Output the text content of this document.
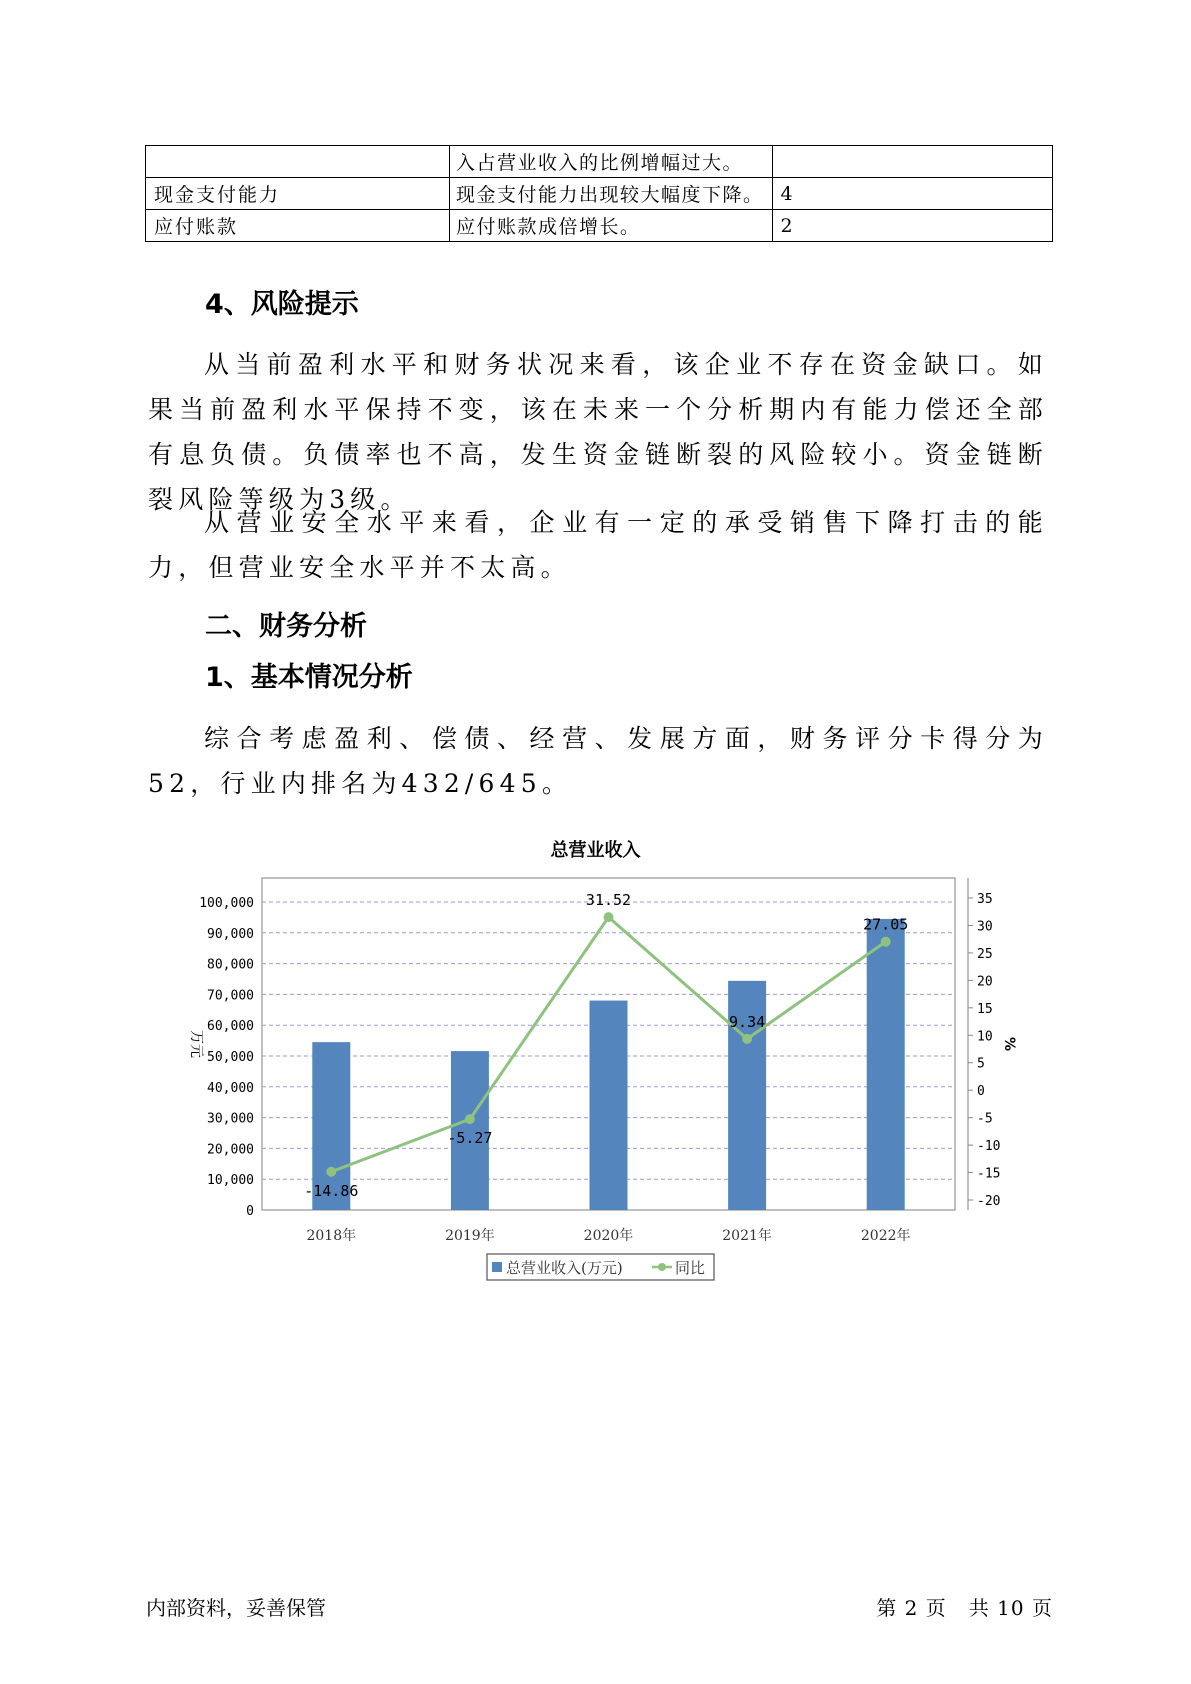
	入占营业收入的比例增幅过大。	
现金支付能力	现金支付能力出现较大幅度下降。	4
应付账款	应付账款成倍增长。	2
4、风险提示

从当前盈利水平和财务状况来看，该企业不存在资金缺口。如果当前盈利水平保持不变，该在未来一个分析期内有能力偿还全部有息负债。负债率也不高，发生资金链断裂的风险较小。资金链断裂风险等级为3级。

从营业安全水平来看，企业有一定的承受销售下降打击的能力，但营业安全水平并不太高。

二、财务分析
1、基本情况分析

综合考虑盈利、偿债、经营、发展方面，财务评分卡得分为52，行业内排名为432/645。

总营业收入
0
10,000
20,000
30,000
40,000
50,000
60,000
70,000
80,000
90,000
100,000
-20
-15
-10
-5
0
5
10
15
20
25
30
35
万元	%
2018年	2019年	2020年	2021年	2022年
-14.86
-5.27
31.52
9.34
27.05
总营业收入(万元)	同比
内部资料，妥善保管	第 2 页   共 10 页
